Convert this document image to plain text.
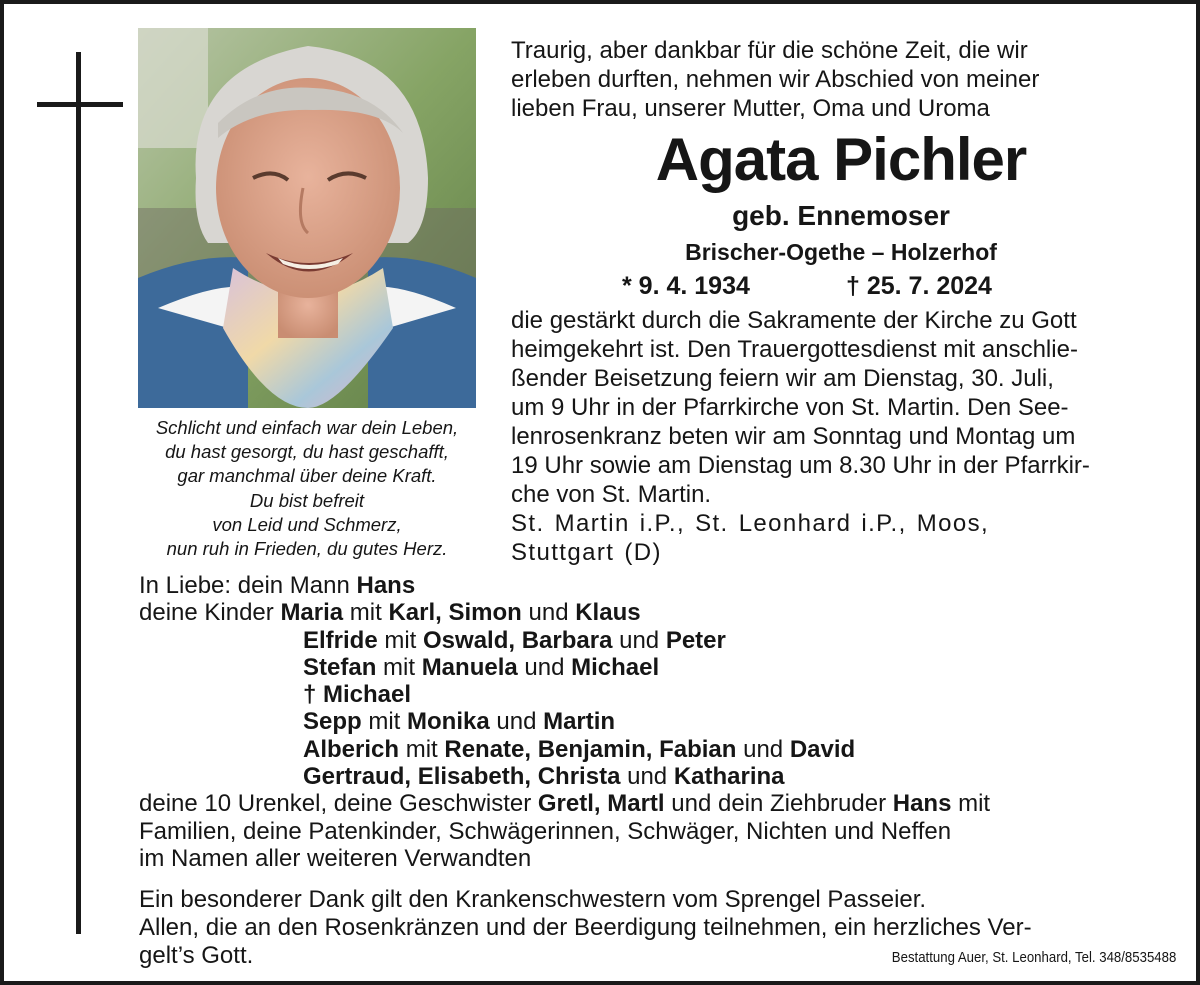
Schlicht und einfach war dein Leben,
du hast gesorgt, du hast geschafft,
gar manchmal über deine Kraft.
Du bist befreit
von Leid und Schmerz,
nun ruh in Frieden, du gutes Herz.
Traurig, aber dankbar für die schöne Zeit, die wir
erleben durften, nehmen wir Abschied von meiner
lieben Frau, unserer Mutter, Oma und Uroma
Agata Pichler
geb. Ennemoser
Brischer-Ogethe – Holzerhof
* 9. 4. 1934	† 25. 7. 2024
die gestärkt durch die Sakramente der Kirche zu Gott
heimgekehrt ist. Den Trauergottesdienst mit anschlie-
ßender Beisetzung feiern wir am Dienstag, 30. Juli,
um 9 Uhr in der Pfarrkirche von St. Martin. Den See-
lenrosenkranz beten wir am Sonntag und Montag um
19 Uhr sowie am Dienstag um 8.30 Uhr in der Pfarrkir-
che von St. Martin.
St. Martin i.P., St. Leonhard i.P., Moos,
Stuttgart (D)
In Liebe: dein Mann Hans
deine Kinder Maria mit Karl, Simon und Klaus
Elfride mit Oswald, Barbara und Peter
Stefan mit Manuela und Michael
† Michael
Sepp mit Monika und Martin
Alberich mit Renate, Benjamin, Fabian und David
Gertraud, Elisabeth, Christa und Katharina
deine 10 Urenkel, deine Geschwister Gretl, Martl und dein Ziehbruder Hans mit
Familien, deine Patenkinder, Schwägerinnen, Schwäger, Nichten und Neffen
im Namen aller weiteren Verwandten
Ein besonderer Dank gilt den Krankenschwestern vom Sprengel Passeier.
Allen, die an den Rosenkränzen und der Beerdigung teilnehmen, ein herzliches Ver-
gelt’s Gott.	Bestattung Auer, St. Leonhard, Tel. 348/8535488
